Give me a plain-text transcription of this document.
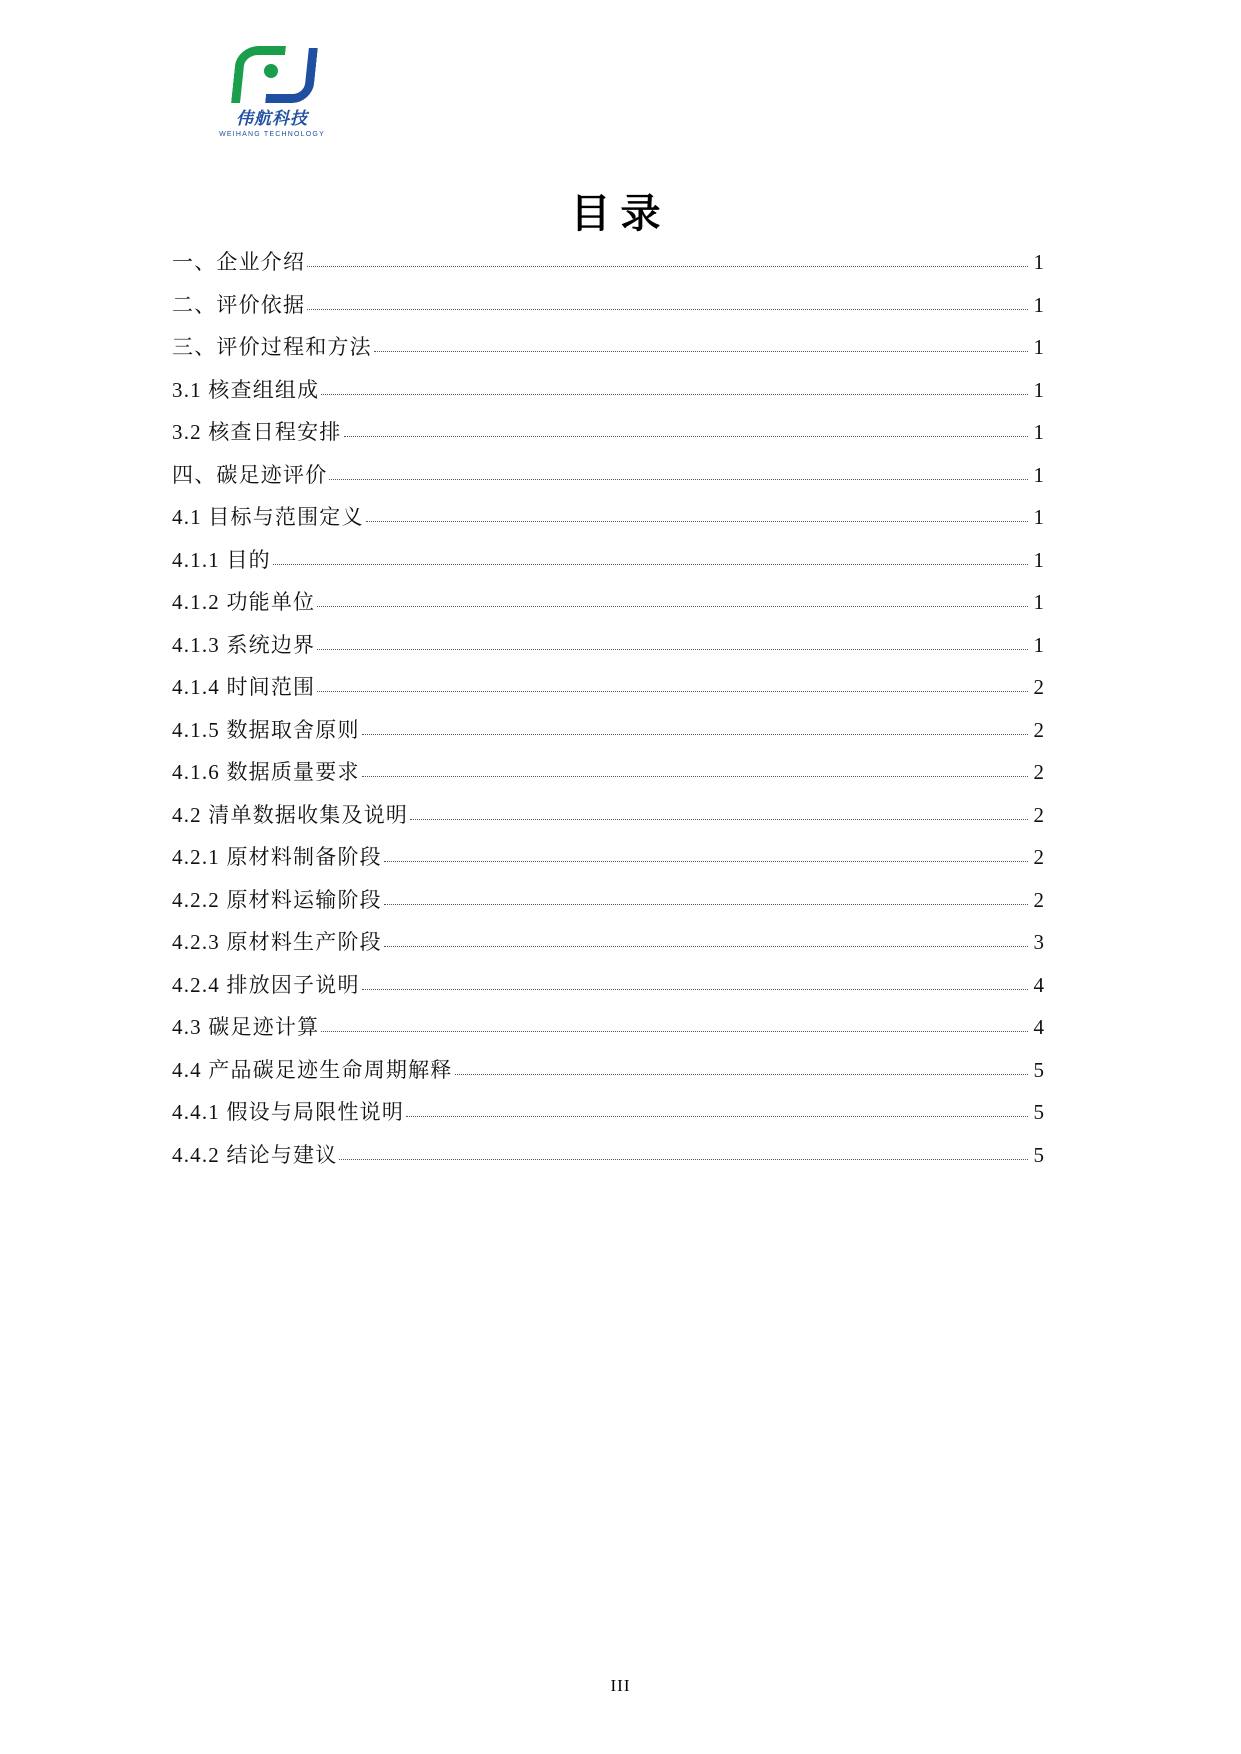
伟航科技
WEIHANG TECHNOLOGY
目录
一、企业介绍	1
二、评价依据	1
三、评价过程和方法	1
3.1 核查组组成	1
3.2 核查日程安排	1
四、碳足迹评价	1
4.1 目标与范围定义	1
4.1.1 目的	1
4.1.2 功能单位	1
4.1.3 系统边界	1
4.1.4 时间范围	2
4.1.5 数据取舍原则	2
4.1.6 数据质量要求	2
4.2 清单数据收集及说明	2
4.2.1 原材料制备阶段	2
4.2.2 原材料运输阶段	2
4.2.3 原材料生产阶段	3
4.2.4 排放因子说明	4
4.3 碳足迹计算	4
4.4 产品碳足迹生命周期解释	5
4.4.1 假设与局限性说明	5
4.4.2 结论与建议	5
III
